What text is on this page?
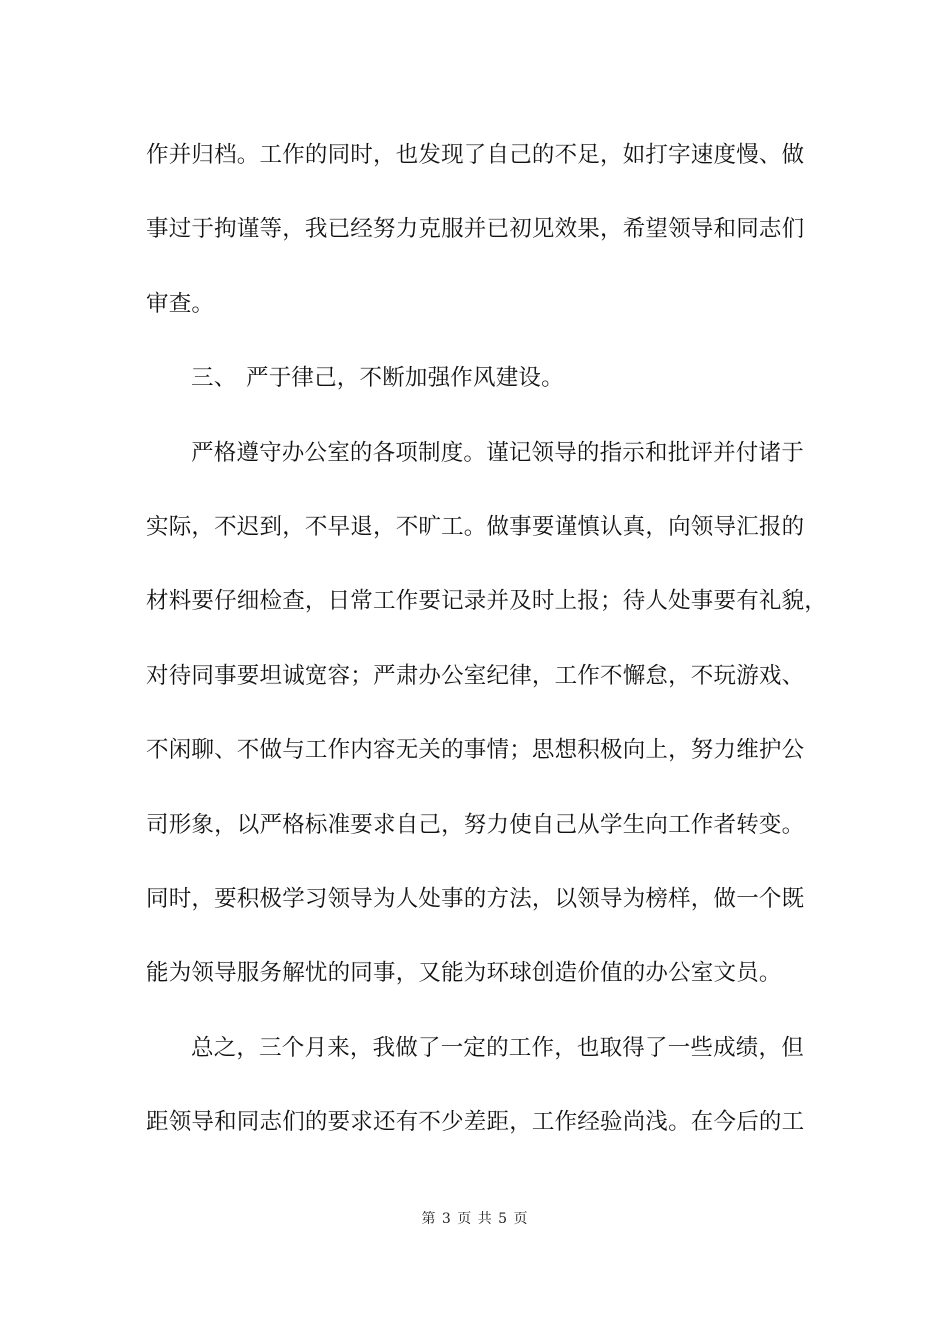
作并归档。工作的同时，也发现了自己的不足，如打字速度慢、做
事过于拘谨等，我已经努力克服并已初见效果，希望领导和同志们
审查。
三、 严于律己，不断加强作风建设。
严格遵守办公室的各项制度。谨记领导的指示和批评并付诸于
实际，不迟到，不早退，不旷工。做事要谨慎认真，向领导汇报的
材料要仔细检查，日常工作要记录并及时上报；待人处事要有礼貌，
对待同事要坦诚宽容；严肃办公室纪律，工作不懈怠，不玩游戏、
不闲聊、不做与工作内容无关的事情；思想积极向上，努力维护公
司形象，以严格标准要求自己，努力使自己从学生向工作者转变。
同时，要积极学习领导为人处事的方法，以领导为榜样，做一个既
能为领导服务解忧的同事，又能为环球创造价值的办公室文员。
总之，三个月来，我做了一定的工作，也取得了一些成绩，但
距领导和同志们的要求还有不少差距，工作经验尚浅。在今后的工
第 3 页 共 5 页
